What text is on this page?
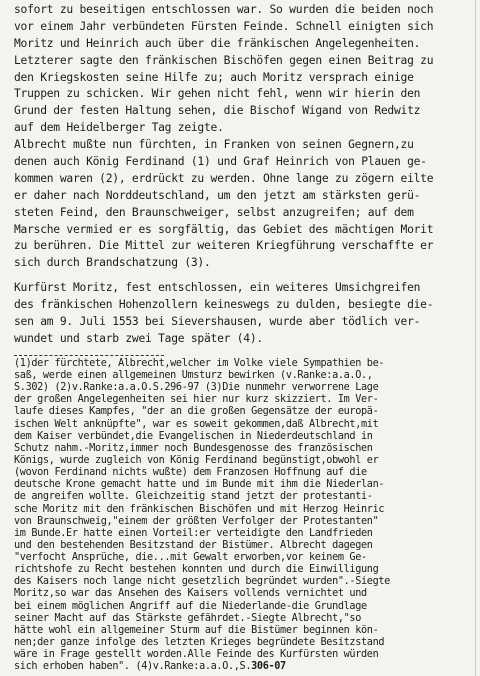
sofort zu beseitigen entschlossen war. So wurden die beiden noch
vor einem Jahr verbündeten Fürsten Feinde. Schnell einigten sich
Moritz und Heinrich auch über die fränkischen Angelegenheiten.
Letzterer sagte den fränkischen Bischöfen gegen einen Beitrag zu
den Kriegskosten seine Hilfe zu; auch Moritz versprach einige
Truppen zu schicken. Wir gehen nicht fehl, wenn wir hierin den
Grund der festen Haltung sehen, die Bischof Wigand von Redwitz
auf dem Heidelberger Tag zeigte.
Albrecht mußte nun fürchten, in Franken von seinen Gegnern,zu
denen auch König Ferdinand (1) und Graf Heinrich von Plauen ge-
kommen waren (2), erdrückt zu werden. Ohne lange zu zögern eilte
er daher nach Norddeutschland, um den jetzt am stärksten gerü-
steten Feind, den Braunschweiger, selbst anzugreifen; auf dem
Marsche vermied er es sorgfältig, das Gebiet des mächtigen Morit
zu berühren. Die Mittel zur weiteren Kriegführung verschaffte er
sich durch Brandschatzung (3).
Kurfürst Moritz, fest entschlossen, ein weiteres Umsichgreifen
des fränkischen Hohenzollern keineswegs zu dulden, besiegte die-
sen am 9. Juli 1553 bei Sievershausen, wurde aber tödlich ver-
wundet und starb zwei Tage später (4).
(1)der fürchtete, Albrecht,welcher im Volke viele Sympathien be-
saß, werde einen allgemeinen Umsturz bewirken (v.Ranke:a.a.O.,
S.302) (2)v.Ranke:a.a.O.S.296-97 (3)Die nunmehr verworrene Lage
der großen Angelegenheiten sei hier nur kurz skizziert. Im Ver-
laufe dieses Kampfes, "der an die großen Gegensätze der europä-
ischen Welt anknüpfte", war es soweit gekommen,daß Albrecht,mit
dem Kaiser verbündet,die Evangelischen in Niederdeutschland in
Schutz nahm.-Moritz,immer noch Bundesgenosse des französischen
Königs, wurde zugleich von König Ferdinand begünstigt,obwohl er
(wovon Ferdinand nichts wußte) dem Franzosen Hoffnung auf die
deutsche Krone gemacht hatte und im Bunde mit ihm die Niederlan-
de angreifen wollte. Gleichzeitig stand jetzt der protestanti-
sche Moritz mit den fränkischen Bischöfen und mit Herzog Heinric
von Braunschweig,"einem der größten Verfolger der Protestanten"
im Bunde.Er hatte einen Vorteil:er verteidigte den Landfrieden
und den bestehenden Besitzstand der Bistümer. Albrecht dagegen
"verfocht Ansprüche, die...mit Gewalt erworben,vor keinem Ge-
richtshofe zu Recht bestehen konnten und durch die Einwilligung
des Kaisers noch lange nicht gesetzlich begründet wurden".-Siegte
Moritz,so war das Ansehen des Kaisers vollends vernichtet und
bei einem möglichen Angriff auf die Niederlande-die Grundlage
seiner Macht auf das Stärkste gefährdet.-Siegte Albrecht,"so
hätte wohl ein allgemeiner Sturm auf die Bistümer beginnen kön-
nen;der ganze infolge des letzten Krieges begründete Besitzstand
wäre in Frage gestellt worden.Alle Feinde des Kurfürsten würden
sich erhoben haben". (4)v.Ranke:a.a.O.,S.306-07
